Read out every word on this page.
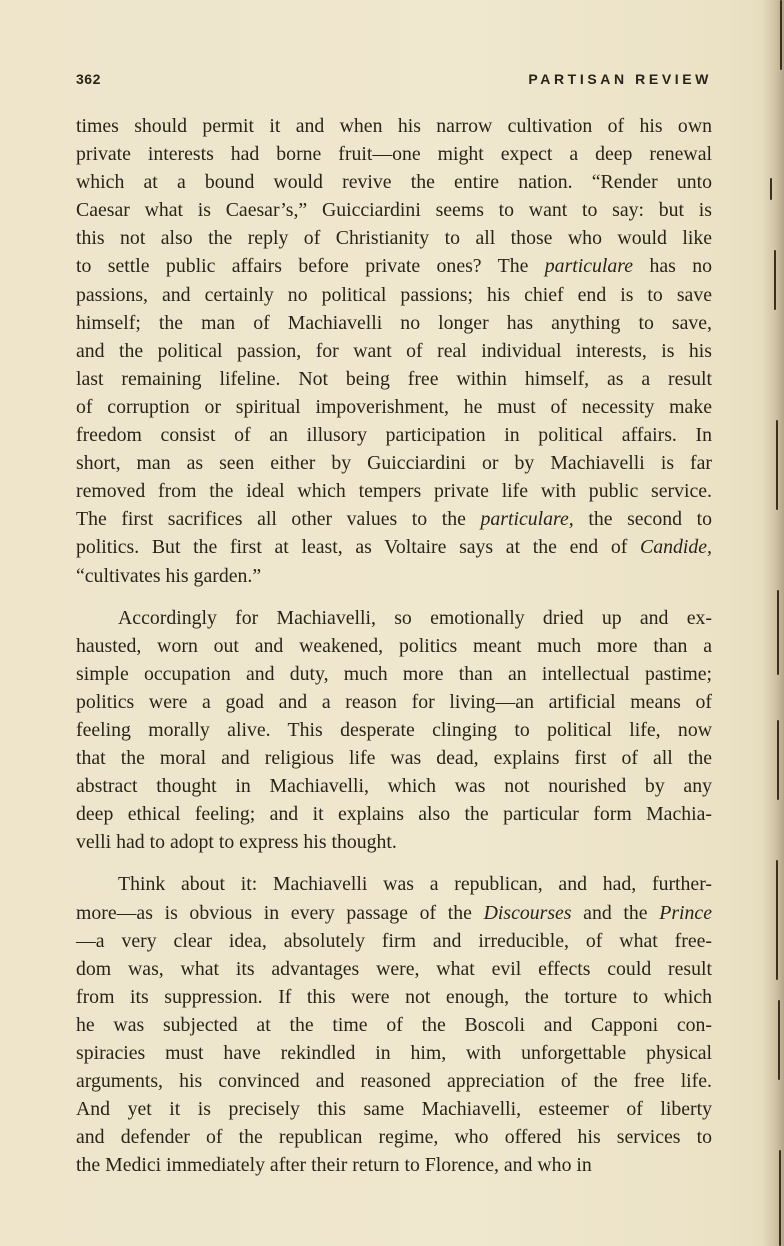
362	PARTISAN REVIEW
times should permit it and when his narrow cultivation of his own
private interests had borne fruit—one might expect a deep renewal
which at a bound would revive the entire nation. “Render unto
Caesar what is Caesar’s,” Guicciardini seems to want to say: but is
this not also the reply of Christianity to all those who would like
to settle public affairs before private ones? The particulare has no
passions, and certainly no political passions; his chief end is to save
himself; the man of Machiavelli no longer has anything to save,
and the political passion, for want of real individual interests, is his
last remaining lifeline. Not being free within himself, as a result
of corruption or spiritual impoverishment, he must of necessity make
freedom consist of an illusory participation in political affairs. In
short, man as seen either by Guicciardini or by Machiavelli is far
removed from the ideal which tempers private life with public service.
The first sacrifices all other values to the particulare, the second to
politics. But the first at least, as Voltaire says at the end of Candide,
“cultivates his garden.”
Accordingly for Machiavelli, so emotionally dried up and ex-
hausted, worn out and weakened, politics meant much more than a
simple occupation and duty, much more than an intellectual pastime;
politics were a goad and a reason for living—an artificial means of
feeling morally alive. This desperate clinging to political life, now
that the moral and religious life was dead, explains first of all the
abstract thought in Machiavelli, which was not nourished by any
deep ethical feeling; and it explains also the particular form Machia-
velli had to adopt to express his thought.
Think about it: Machiavelli was a republican, and had, further-
more—as is obvious in every passage of the Discourses and the Prince
—a very clear idea, absolutely firm and irreducible, of what free-
dom was, what its advantages were, what evil effects could result
from its suppression. If this were not enough, the torture to which
he was subjected at the time of the Boscoli and Capponi con-
spiracies must have rekindled in him, with unforgettable physical
arguments, his convinced and reasoned appreciation of the free life.
And yet it is precisely this same Machiavelli, esteemer of liberty
and defender of the republican regime, who offered his services to
the Medici immediately after their return to Florence, and who in
